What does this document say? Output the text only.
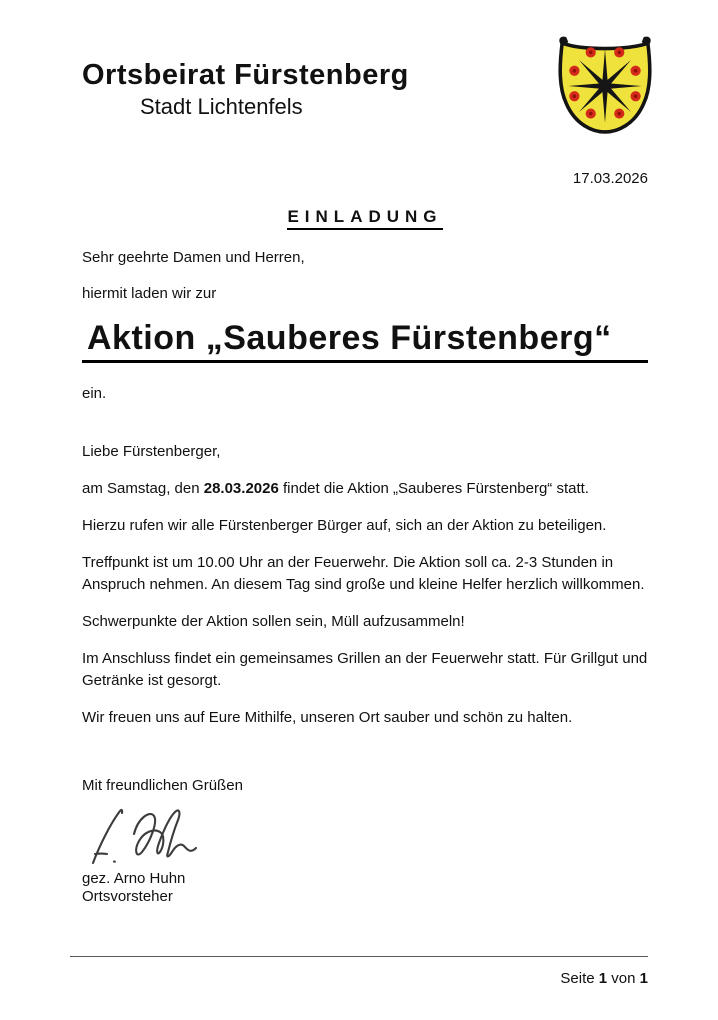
Ortsbeirat Fürstenberg
Stadt Lichtenfels
17.03.2026
EINLADUNG

Sehr geehrte Damen und Herren,

hiermit laden wir zur

Aktion „Sauberes Fürstenberg“

ein.

Liebe Fürstenberger,

am Samstag, den 28.03.2026 findet die Aktion „Sauberes Fürstenberg“ statt.

Hierzu rufen wir alle Fürstenberger Bürger auf, sich an der Aktion zu beteiligen.

Treffpunkt ist um 10.00 Uhr an der Feuerwehr. Die Aktion soll ca. 2-3 Stunden in Anspruch nehmen. An diesem Tag sind große und kleine Helfer herzlich willkommen.

Schwerpunkte der Aktion sollen sein, Müll aufzusammeln!

Im Anschluss findet ein gemeinsames Grillen an der Feuerwehr statt. Für Grillgut und Getränke ist gesorgt.

Wir freuen uns auf Eure Mithilfe, unseren Ort sauber und schön zu halten.

Mit freundlichen Grüßen

gez. Arno Huhn

Ortsvorsteher

Seite 1 von 1
